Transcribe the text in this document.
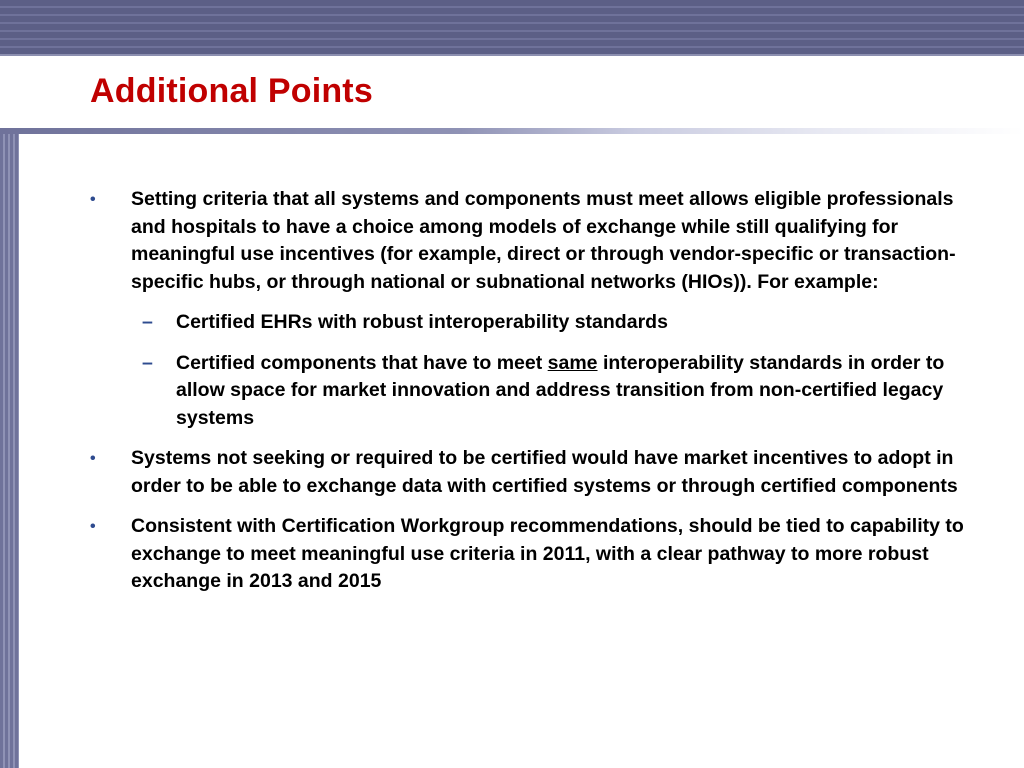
Additional Points
• Setting criteria that all systems and components must meet allows eligible professionals and hospitals to have a choice among models of exchange while still qualifying for meaningful use incentives (for example, direct or through vendor-specific or transaction-specific hubs, or through national or subnational networks (HIOs)). For example:
– Certified EHRs with robust interoperability standards
– Certified components that have to meet same interoperability standards in order to allow space for market innovation and address transition from non-certified legacy systems
• Systems not seeking or required to be certified would have market incentives to adopt in order to be able to exchange data with certified systems or through certified components
• Consistent with Certification Workgroup recommendations, should be tied to capability to exchange to meet meaningful use criteria in 2011, with a clear pathway to more robust exchange in 2013 and 2015
